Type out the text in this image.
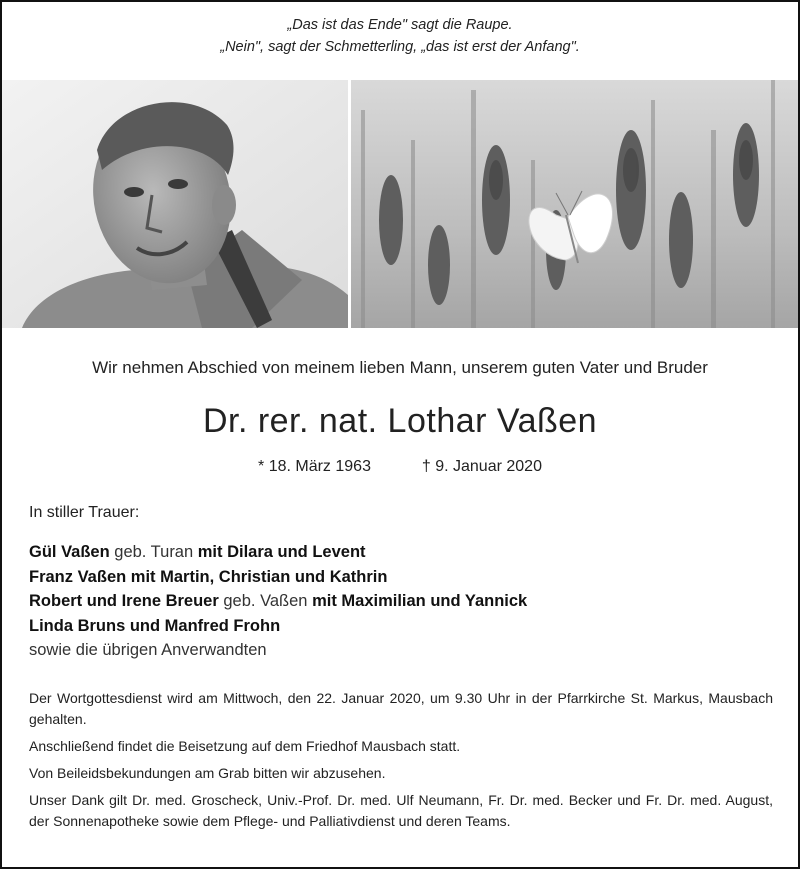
„Das ist das Ende" sagt die Raupe.
„Nein", sagt der Schmetterling, „das ist erst der Anfang".
Wir nehmen Abschied von meinem lieben Mann, unserem guten Vater und Bruder
Dr. rer. nat. Lothar Vaßen
* 18. März 1963	† 9. Januar 2020
In stiller Trauer:
Gül Vaßen geb. Turan mit Dilara und Levent
Franz Vaßen mit Martin, Christian und Kathrin
Robert und Irene Breuer geb. Vaßen mit Maximilian und Yannick
Linda Bruns und Manfred Frohn
sowie die übrigen Anverwandten

Der Wortgottesdienst wird am Mittwoch, den 22. Januar 2020, um 9.30 Uhr in der Pfarrkirche St. Markus, Mausbach gehalten.

Anschließend findet die Beisetzung auf dem Friedhof Mausbach statt.

Von Beileidsbekundungen am Grab bitten wir abzusehen.

Unser Dank gilt Dr. med. Groscheck, Univ.-Prof. Dr. med. Ulf Neumann, Fr. Dr. med. Becker und Fr. Dr. med. August, der Sonnenapotheke sowie dem Pflege- und Palliativdienst und deren Teams.
